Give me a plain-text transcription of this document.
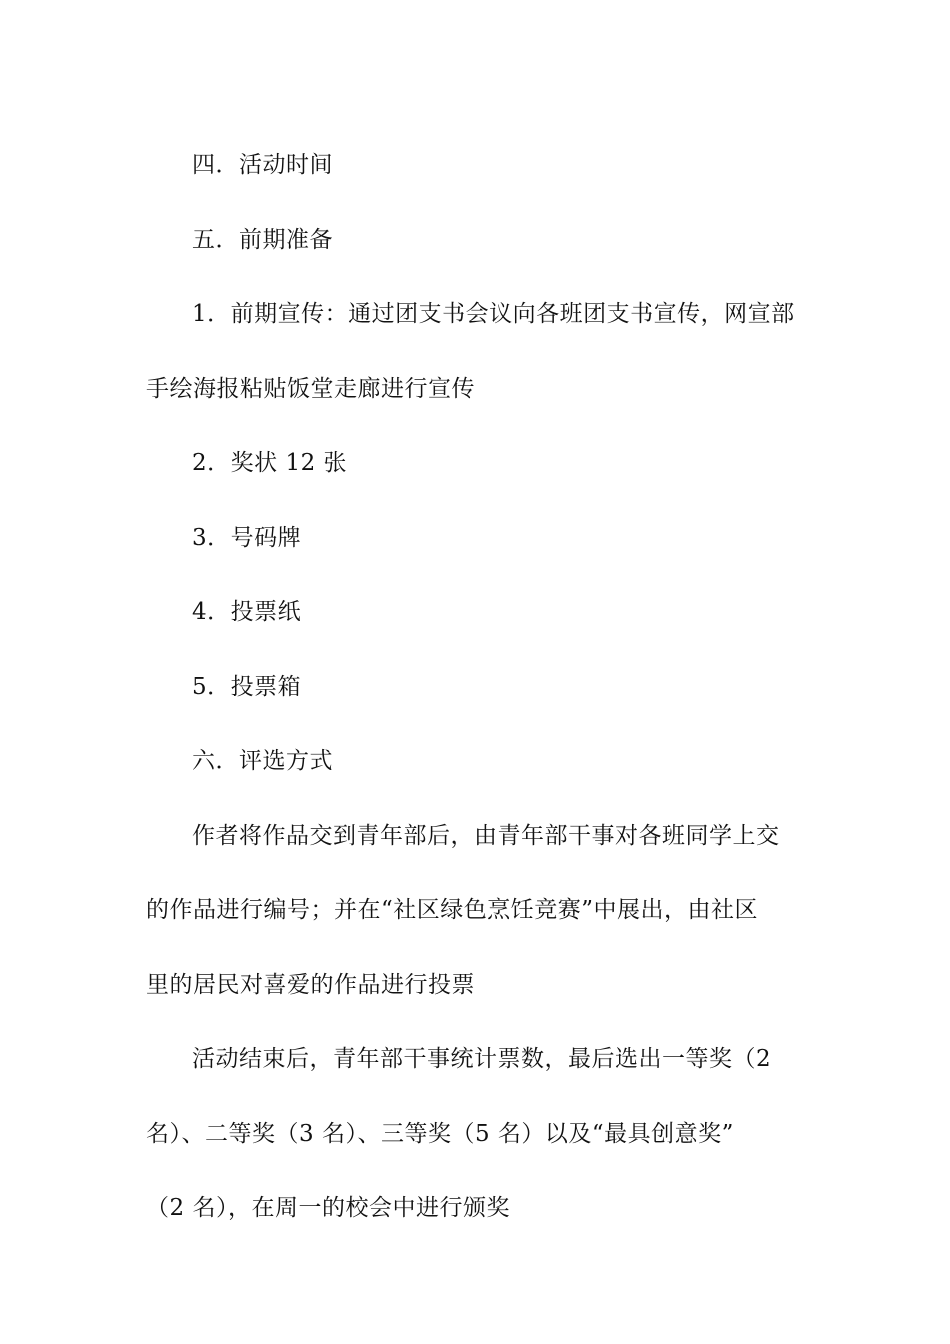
四．活动时间

五．前期准备

1．前期宣传：通过团支书会议向各班团支书宣传，网宣部

手绘海报粘贴饭堂走廊进行宣传

2．奖状 12 张

3．号码牌

4．投票纸

5．投票箱

六．评选方式

作者将作品交到青年部后，由青年部干事对各班同学上交

的作品进行编号；并在“社区绿色烹饪竞赛”中展出，由社区

里的居民对喜爱的作品进行投票

活动结束后，青年部干事统计票数，最后选出一等奖（2

名）、二等奖（3 名）、三等奖（5 名）以及“最具创意奖”

（2 名），在周一的校会中进行颁奖
